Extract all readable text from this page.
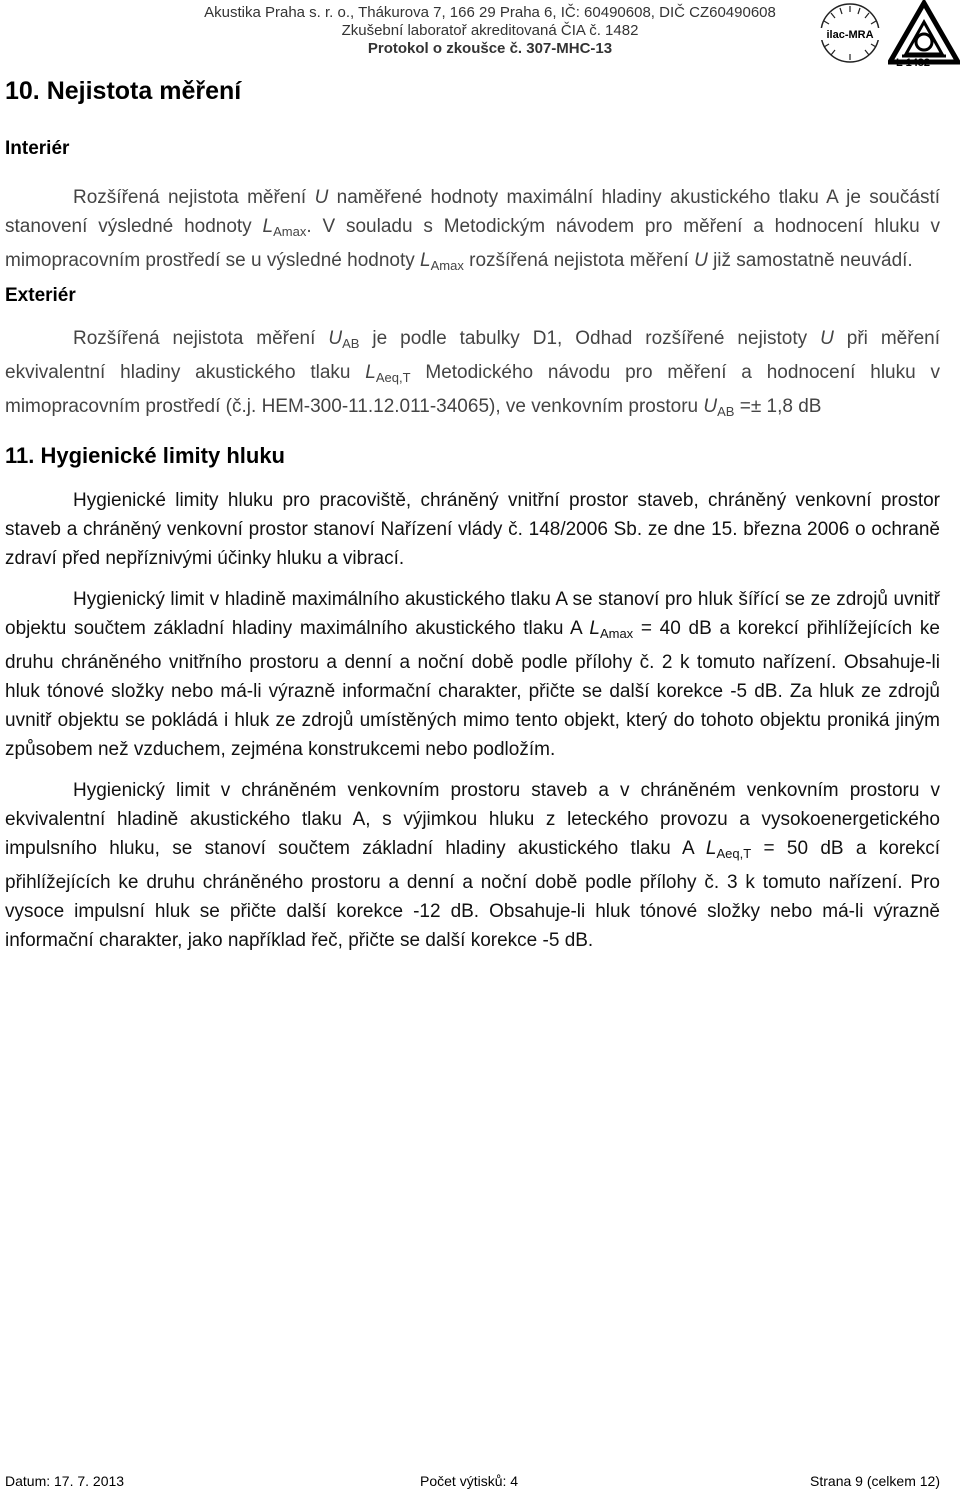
Akustika Praha s. r. o., Thákurova 7, 166 29 Praha 6, IČ: 60490608, DIČ CZ60490608
Zkušební laboratoř akreditovaná ČIA č. 1482
Protokol o zkoušce č. 307-MHC-13
ilac-MRA
L 1482
10. Nejistota měření
Interiér

Rozšířená nejistota měření U naměřené hodnoty maximální hladiny akustického tlaku A je součástí stanovení výsledné hodnoty $L_{Amax}$. V souladu s Metodickým návodem pro měření a hodnocení hluku v mimopracovním prostředí se u výsledné hodnoty $L_{Amax}$ rozšířená nejistota měření U již samostatně neuvádí.

Exteriér

Rozšířená nejistota měření $U_{AB}$ je podle tabulky D1, Odhad rozšířené nejistoty U při měření ekvivalentní hladiny akustického tlaku $L_{Aeq,T}$ Metodického návodu pro měření a hodnocení hluku v mimopracovním prostředí (č.j. HEM-300-11.12.011-34065), ve venkovním prostoru $U_{AB} =\pm 1,8$ dB

11. Hygienické limity hluku

Hygienické limity hluku pro pracoviště, chráněný vnitřní prostor staveb, chráněný venkovní prostor staveb a chráněný venkovní prostor stanoví Nařízení vlády č. 148/2006 Sb. ze dne 15. března 2006 o ochraně zdraví před nepříznivými účinky hluku a vibrací.

Hygienický limit v hladině maximálního akustického tlaku A se stanoví pro hluk šířící se ze zdrojů uvnitř objektu součtem základní hladiny maximálního akustického tlaku A $L_{Amax} = 40$ dB a korekcí přihlížejících ke druhu chráněného vnitřního prostoru a denní a noční době podle přílohy č. 2 k tomuto nařízení. Obsahuje-li hluk tónové složky nebo má-li výrazně informační charakter, přičte se další korekce -5 dB. Za hluk ze zdrojů uvnitř objektu se pokládá i hluk ze zdrojů umístěných mimo tento objekt, který do tohoto objektu proniká jiným způsobem než vzduchem, zejména konstrukcemi nebo podložím.

Hygienický limit v chráněném venkovním prostoru staveb a v chráněném venkovním prostoru v ekvivalentní hladině akustického tlaku A, s výjimkou hluku z leteckého provozu a vysokoenergetického impulsního hluku, se stanoví součtem základní hladiny akustického tlaku A $L_{Aeq,T} = 50$ dB a korekcí přihlížejících ke druhu chráněného prostoru a denní a noční době podle přílohy č. 3 k tomuto nařízení. Pro vysoce impulsní hluk se přičte další korekce -12 dB. Obsahuje-li hluk tónové složky nebo má-li výrazně informační charakter, jako například řeč, přičte se další korekce -5 dB.

Datum: 17. 7. 2013	Počet výtisků: 4	Strana 9 (celkem 12)
